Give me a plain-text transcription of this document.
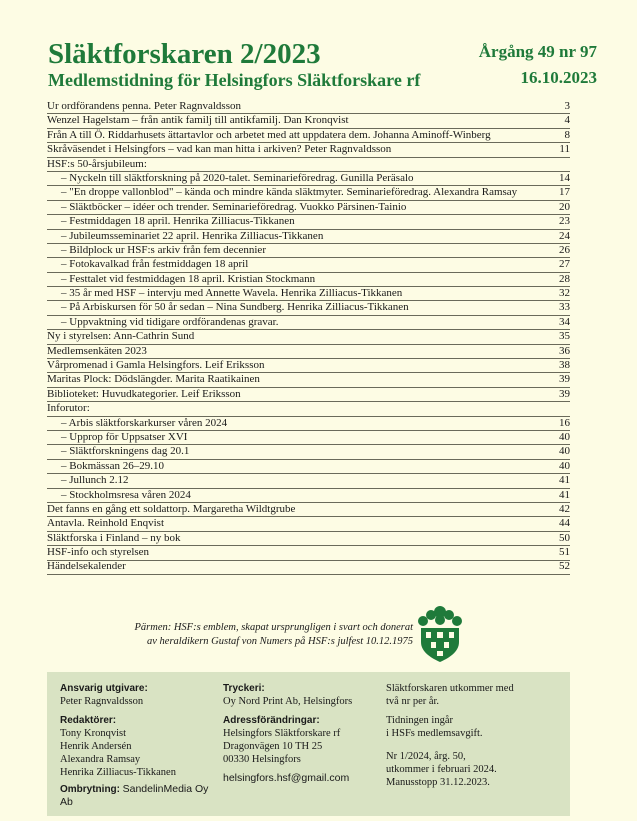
Släktforskaren 2/2023
Medlemstidning för Helsingfors Släktforskare rf
Årgång 49 nr 97
16.10.2023
Ur ordförandens penna. Peter Ragnvaldsson	3
Wenzel Hagelstam – från antik familj till antikfamilj. Dan Kronqvist	4
Från A till Ö. Riddarhusets ättartavlor och arbetet med att uppdatera dem. Johanna Aminoff-Winberg	8
Skråväsendet i Helsingfors – vad kan man hitta i arkiven? Peter Ragnvaldsson	11
HSF:s 50-årsjubileum:
– Nyckeln till släktforskning på 2020-talet. Seminarieföredrag. Gunilla Peräsalo	14
– "En droppe vallonblod" – kända och mindre kända släktmyter. Seminarieföredrag. Alexandra Ramsay	17
– Släktböcker – idéer och trender. Seminarieföredrag. Vuokko Pärsinen-Tainio	20
– Festmiddagen 18 april. Henrika Zilliacus-Tikkanen	23
– Jubileumsseminariet 22 april. Henrika Zilliacus-Tikkanen	24
– Bildplock ur HSF:s arkiv från fem decennier	26
– Fotokavalkad från festmiddagen 18 april	27
– Festtalet vid festmiddagen 18 april. Kristian Stockmann	28
– 35 år med HSF – intervju med Annette Wavela. Henrika Zilliacus-Tikkanen	32
– På Arbiskursen för 50 år sedan – Nina Sundberg. Henrika Zilliacus-Tikkanen	33
– Uppvaktning vid tidigare ordförandenas gravar.	34
Ny i styrelsen: Ann-Cathrin Sund	35
Medlemsenkäten 2023	36
Vårpromenad i Gamla Helsingfors. Leif Eriksson	38
Maritas Plock: Dödslängder. Marita Raatikainen	39
Biblioteket: Huvudkategorier. Leif Eriksson	39
Inforutor:
– Arbis släktforskarkurser våren 2024	16
– Upprop för Uppsatser XVI	40
– Släktforskningens dag 20.1	40
– Bokmässan 26–29.10	40
– Jullunch 2.12	41
– Stockholmsresa våren 2024	41
Det fanns en gång ett soldattorp. Margaretha Wildtgrube	42
Antavla. Reinhold Enqvist	44
Släktforska i Finland – ny bok	50
HSF-info och styrelsen	51
Händelsekalender	52
Pärmen: HSF:s emblem, skapat ursprungligen i svart och donerat
av heraldikern Gustaf von Numers på HSF:s julfest 10.12.1975
Ansvarig utgivare:
Peter Ragnvaldsson
Redaktörer:
Tony Kronqvist
Henrik Andersén
Alexandra Ramsay
Henrika Zilliacus-Tikkanen
Ombrytning: SandelinMedia Oy Ab
Tryckeri:
Oy Nord Print Ab, Helsingfors
Adressförändringar:
Helsingfors Släktforskare rf
Dragonvägen 10 TH 25
00330 Helsingfors
helsingfors.hsf@gmail.com
Släktforskaren utkommer med
två nr per år.
Tidningen ingår
i HSFs medlemsavgift.
Nr 1/2024, årg. 50,
utkommer i februari 2024.
Manusstopp 31.12.2023.
